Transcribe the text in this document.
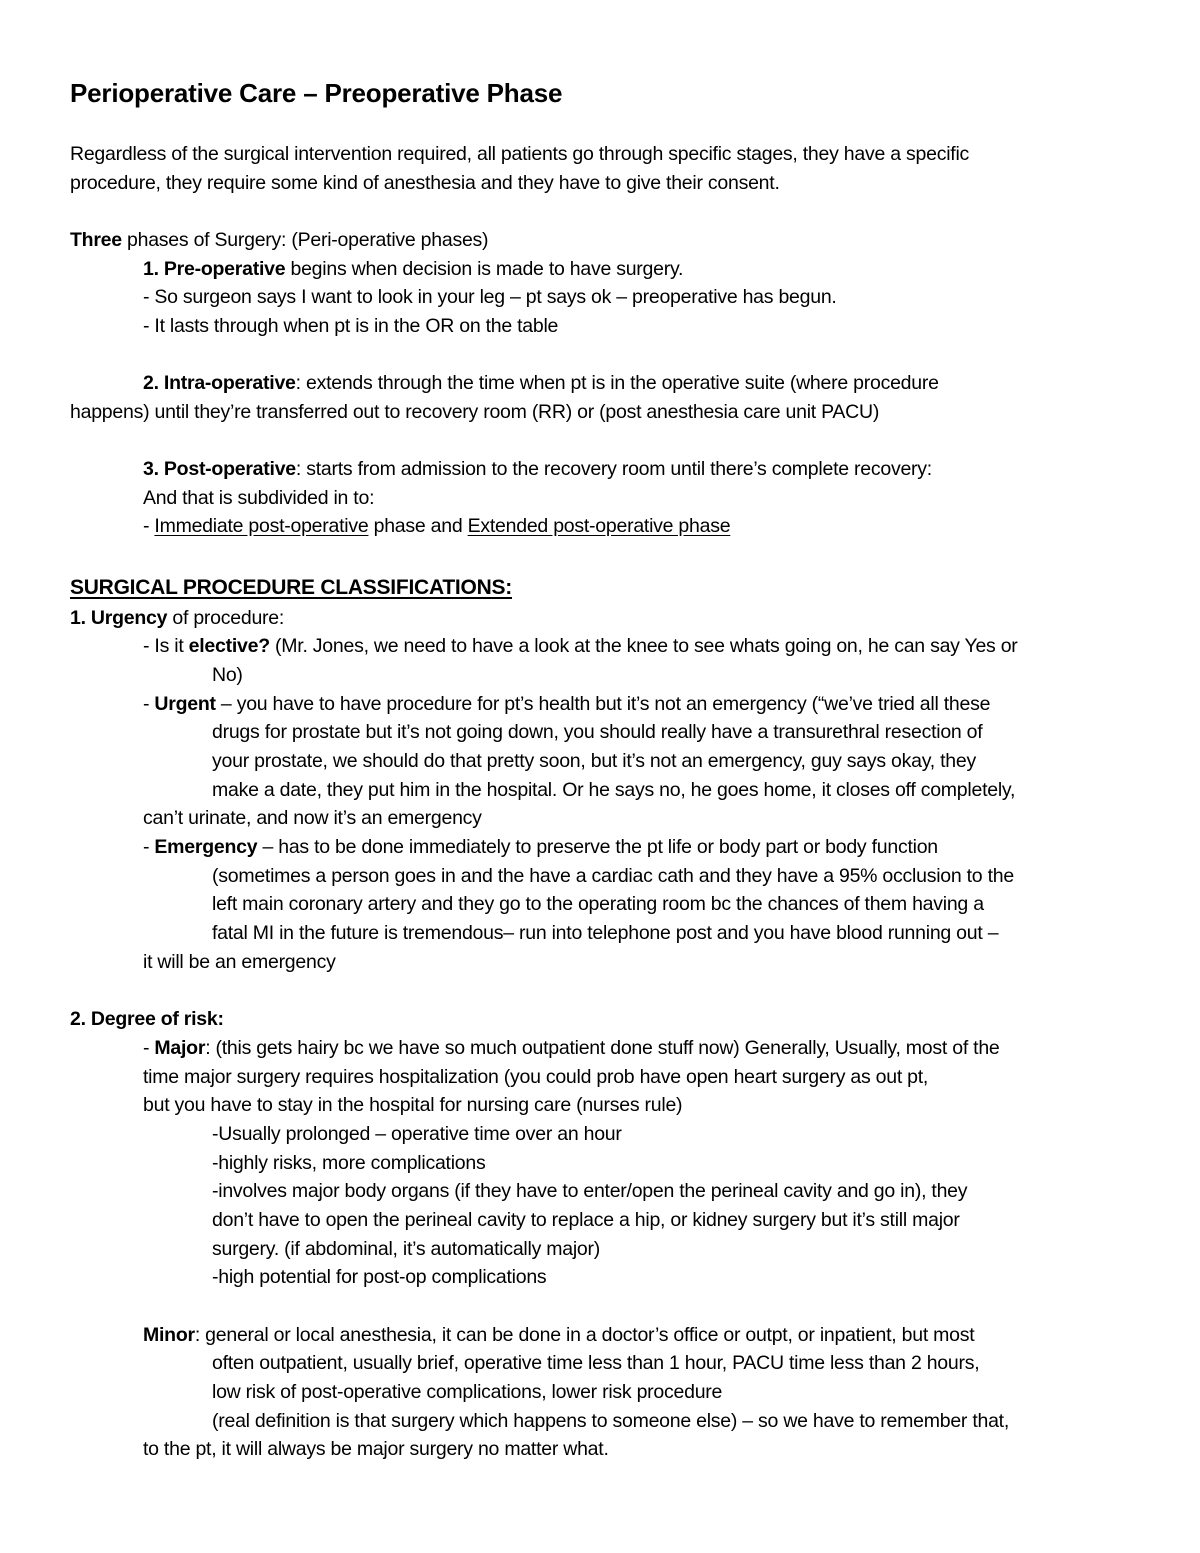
Perioperative Care – Preoperative Phase
Regardless of the surgical intervention required, all patients go through specific stages, they have a specific
procedure, they require some kind of anesthesia and they have to give their consent.
Three phases of Surgery: (Peri-operative phases)
1. Pre-operative begins when decision is made to have surgery.
- So surgeon says I want to look in your leg – pt says ok – preoperative has begun.
- It lasts through when pt is in the OR on the table
2. Intra-operative: extends through the time when pt is in the operative suite (where procedure
happens) until they’re transferred out to recovery room (RR) or (post anesthesia care unit PACU)
3. Post-operative: starts from admission to the recovery room until there’s complete recovery:
And that is subdivided in to:
- Immediate post-operative phase and Extended post-operative phase
SURGICAL PROCEDURE CLASSIFICATIONS:
1. Urgency of procedure:
- Is it elective? (Mr. Jones, we need to have a look at the knee to see whats going on, he can say Yes or
No)
- Urgent – you have to have procedure for pt’s health but it’s not an emergency (“we’ve tried all these
drugs for prostate but it’s not going down, you should really have a transurethral resection of
your prostate, we should do that pretty soon, but it’s not an emergency, guy says okay, they
make a date, they put him in the hospital. Or he says no, he goes home, it closes off completely,
can’t urinate, and now it’s an emergency
- Emergency – has to be done immediately to preserve the pt life or body part or body function
(sometimes a person goes in and the have a cardiac cath and they have a 95% occlusion to the
left main coronary artery and they go to the operating room bc the chances of them having a
fatal MI in the future is tremendous– run into telephone post and you have blood running out –
it will be an emergency
2. Degree of risk:
- Major: (this gets hairy bc we have so much outpatient done stuff now) Generally, Usually, most of the
time major surgery requires hospitalization (you could prob have open heart surgery as out pt,
but you have to stay in the hospital for nursing care (nurses rule)
-Usually prolonged – operative time over an hour
-highly risks, more complications
-involves major body organs (if they have to enter/open the perineal cavity and go in), they
don’t have to open the perineal cavity to replace a hip, or kidney surgery but it’s still major
surgery. (if abdominal, it’s automatically major)
-high potential for post-op complications
Minor: general or local anesthesia, it can be done in a doctor’s office or outpt, or inpatient, but most
often outpatient, usually brief, operative time less than 1 hour, PACU time less than 2 hours,
low risk of post-operative complications, lower risk procedure
(real definition is that surgery which happens to someone else) – so we have to remember that,
to the pt, it will always be major surgery no matter what.
